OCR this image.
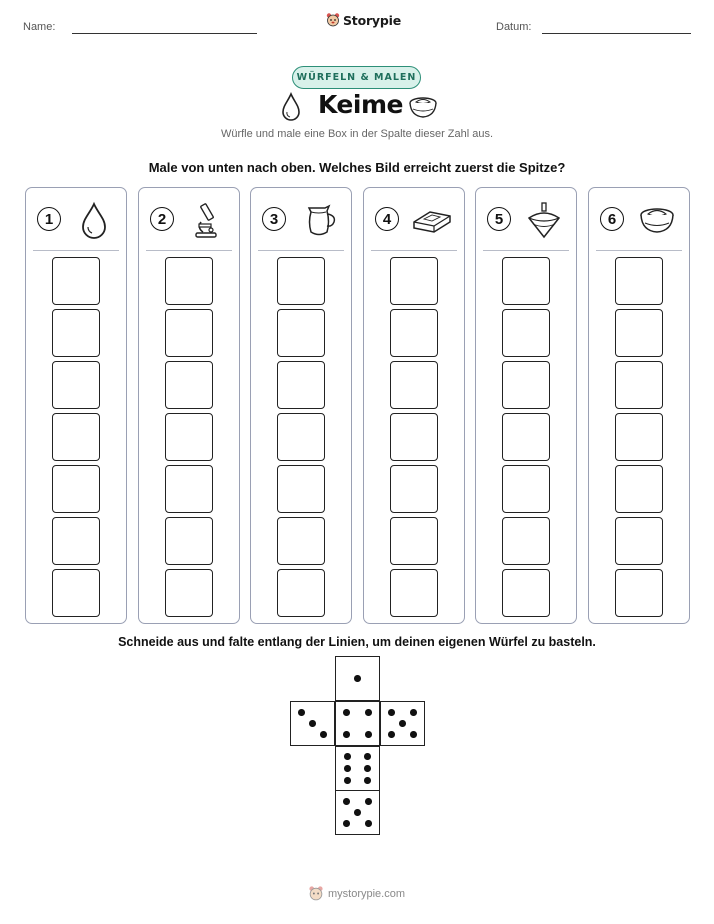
Name:	Storypie	Datum:
WÜRFELN & MALEN
Keime
Würfle und male eine Box in der Spalte dieser Zahl aus.
Male von unten nach oben. Welches Bild erreicht zuerst die Spitze?
1	2	3	4	5	6
Schneide aus und falte entlang der Linien, um deinen eigenen Würfel zu basteln.
mystorypie.com
